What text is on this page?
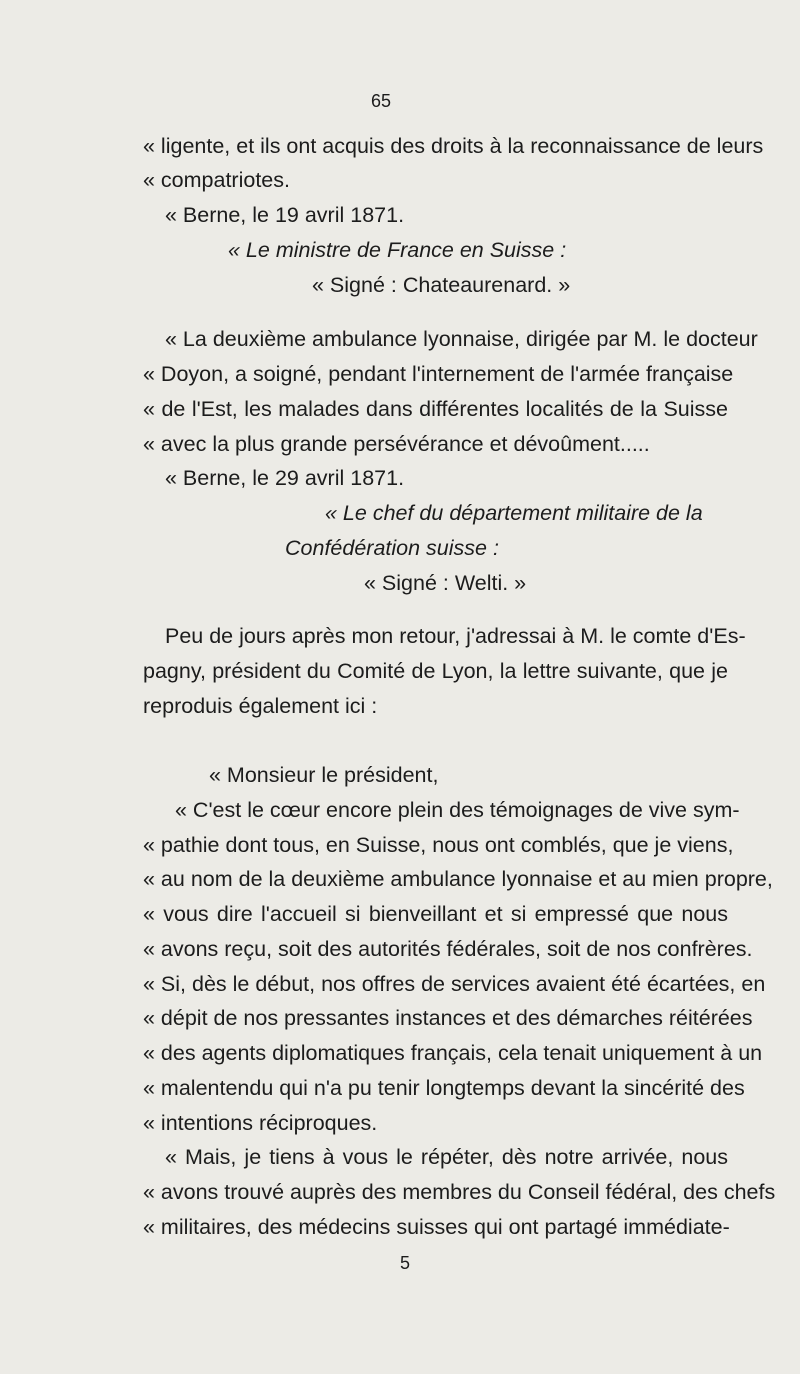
65
« ligente, et ils ont acquis des droits à la reconnaissance de leurs
« compatriotes.
« Berne, le 19 avril 1871.
« Le ministre de France en Suisse :
« Signé : Chateaurenard. »
« La deuxième ambulance lyonnaise, dirigée par M. le docteur
« Doyon, a soigné, pendant l'internement de l'armée française
« de l'Est, les malades dans différentes localités de la Suisse
« avec la plus grande persévérance et dévoûment.....
« Berne, le 29 avril 1871.
« Le chef du département militaire de la
Confédération suisse :
« Signé : Welti. »
Peu de jours après mon retour, j'adressai à M. le comte d'Es-
pagny, président du Comité de Lyon, la lettre suivante, que je
reproduis également ici :
« Monsieur le président,
« C'est le cœur encore plein des témoignages de vive sym-
« pathie dont tous, en Suisse, nous ont comblés, que je viens,
« au nom de la deuxième ambulance lyonnaise et au mien propre,
« vous dire l'accueil si bienveillant et si empressé que nous
« avons reçu, soit des autorités fédérales, soit de nos confrères.
« Si, dès le début, nos offres de services avaient été écartées, en
« dépit de nos pressantes instances et des démarches réitérées
« des agents diplomatiques français, cela tenait uniquement à un
« malentendu qui n'a pu tenir longtemps devant la sincérité des
« intentions réciproques.
« Mais, je tiens à vous le répéter, dès notre arrivée, nous
« avons trouvé auprès des membres du Conseil fédéral, des chefs
« militaires, des médecins suisses qui ont partagé immédiate-
5
